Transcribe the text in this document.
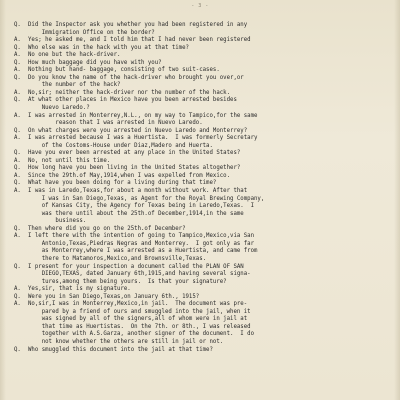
- 3 -
Q.	Did the Inspector ask you whether you had been registered in any
Immigration Office on the border?
A.	Yes; he asked me, and I told him that I had never been registered
Q.	Who else was in the hack with you at that time?
A.	No one but the hack-driver.
Q.	How much baggage did you have with you?
A.	Nothing but hand- baggage, consisting of two suit-cases.
Q.	Do you know the name of the hack-driver who brought you over,or
the number of the hack?
A.	No,sir; neither the hack-driver nor the number of the hack.
Q.	At what other places in Mexico have you been arrested besides
Nuevo Laredo.?
A.	I was arrested in Monterrey,N.L., on my way to Tampico,for the same
reason that I was arrested in Nuevo Laredo.
Q.	On what charges were you arrested in Nuevo Laredo and Monterrey?
A.	I was arrested because I was a Huertista.  I was formerly Secretary
of the Costoms-House under Diaz,Madero and Huerta.
Q.	Have you ever been arrested at any place in the United States?
A.	No, not until this time.
Q.	How long have you been living in the United States altogether?
A.	Since the 29th.of May,1914,when I was expelled from Mexico.
Q.	What have you been doing for a living during that time?
A.	I was in Laredo,Texas,for about a month without work. After that
I was in San Diego,Texas, as Agent for the Royal Brewing Company,
of Kansas City, the Agency for Texas being in Laredo,Texas.  I
was there until about the 25th.of December,1914,in the same
business.
Q.	Then where did you go on the 25th.of December?
A.	I left there with the intention of going to Tampico,Mexico,via San
Antonio,Texas,Piedras Negras and Monterrey.  I got only as far
as Monterrey,where I was arrested as a Huertista, and came from
there to Matamoros,Mexico,and Brownsville,Texas.
Q.	I present for your inspection a document called the PLAN OF SAN
DIEGO,TEXAS, dated January 6th,1915,and having several signa-
tures,among them being yours.  Is that your signature?
A.	Yes,sir, that is my signature.
Q.	Were you in San Diego,Texas,on January 6th., 1915?
A.	No,sir,I was in Monterrey,Mexico,in jail.  The document was pre-
pared by a friend of ours and smuggled into the jail, when it
was signed by all of the signers,all of whom were in jail at
that time as Huertistas.  On the 7th. or 8th., I was released
together with A.S.Garza, another signer of the document.  I do
not know whether the others are still in jail or not.
Q.	Who smuggled this document into the jail at that time?
